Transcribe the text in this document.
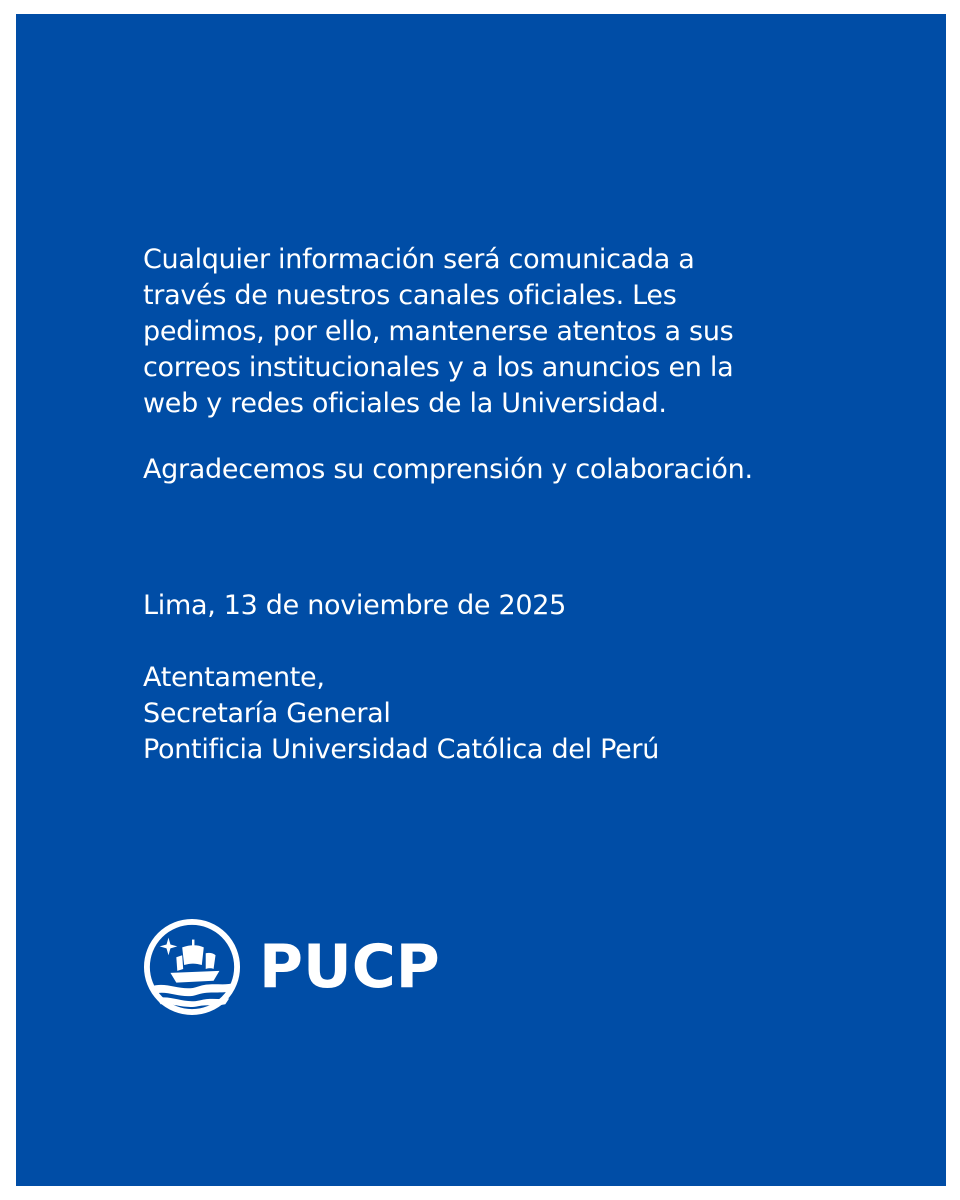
Cualquier información será comunicada a
través de nuestros canales oficiales. Les
pedimos, por ello, mantenerse atentos a sus
correos institucionales y a los anuncios en la
web y redes oficiales de la Universidad.

Agradecemos su comprensión y colaboración.

Lima, 13 de noviembre de 2025

Atentamente,
Secretaría General
Pontificia Universidad Católica del Perú

PUCP
